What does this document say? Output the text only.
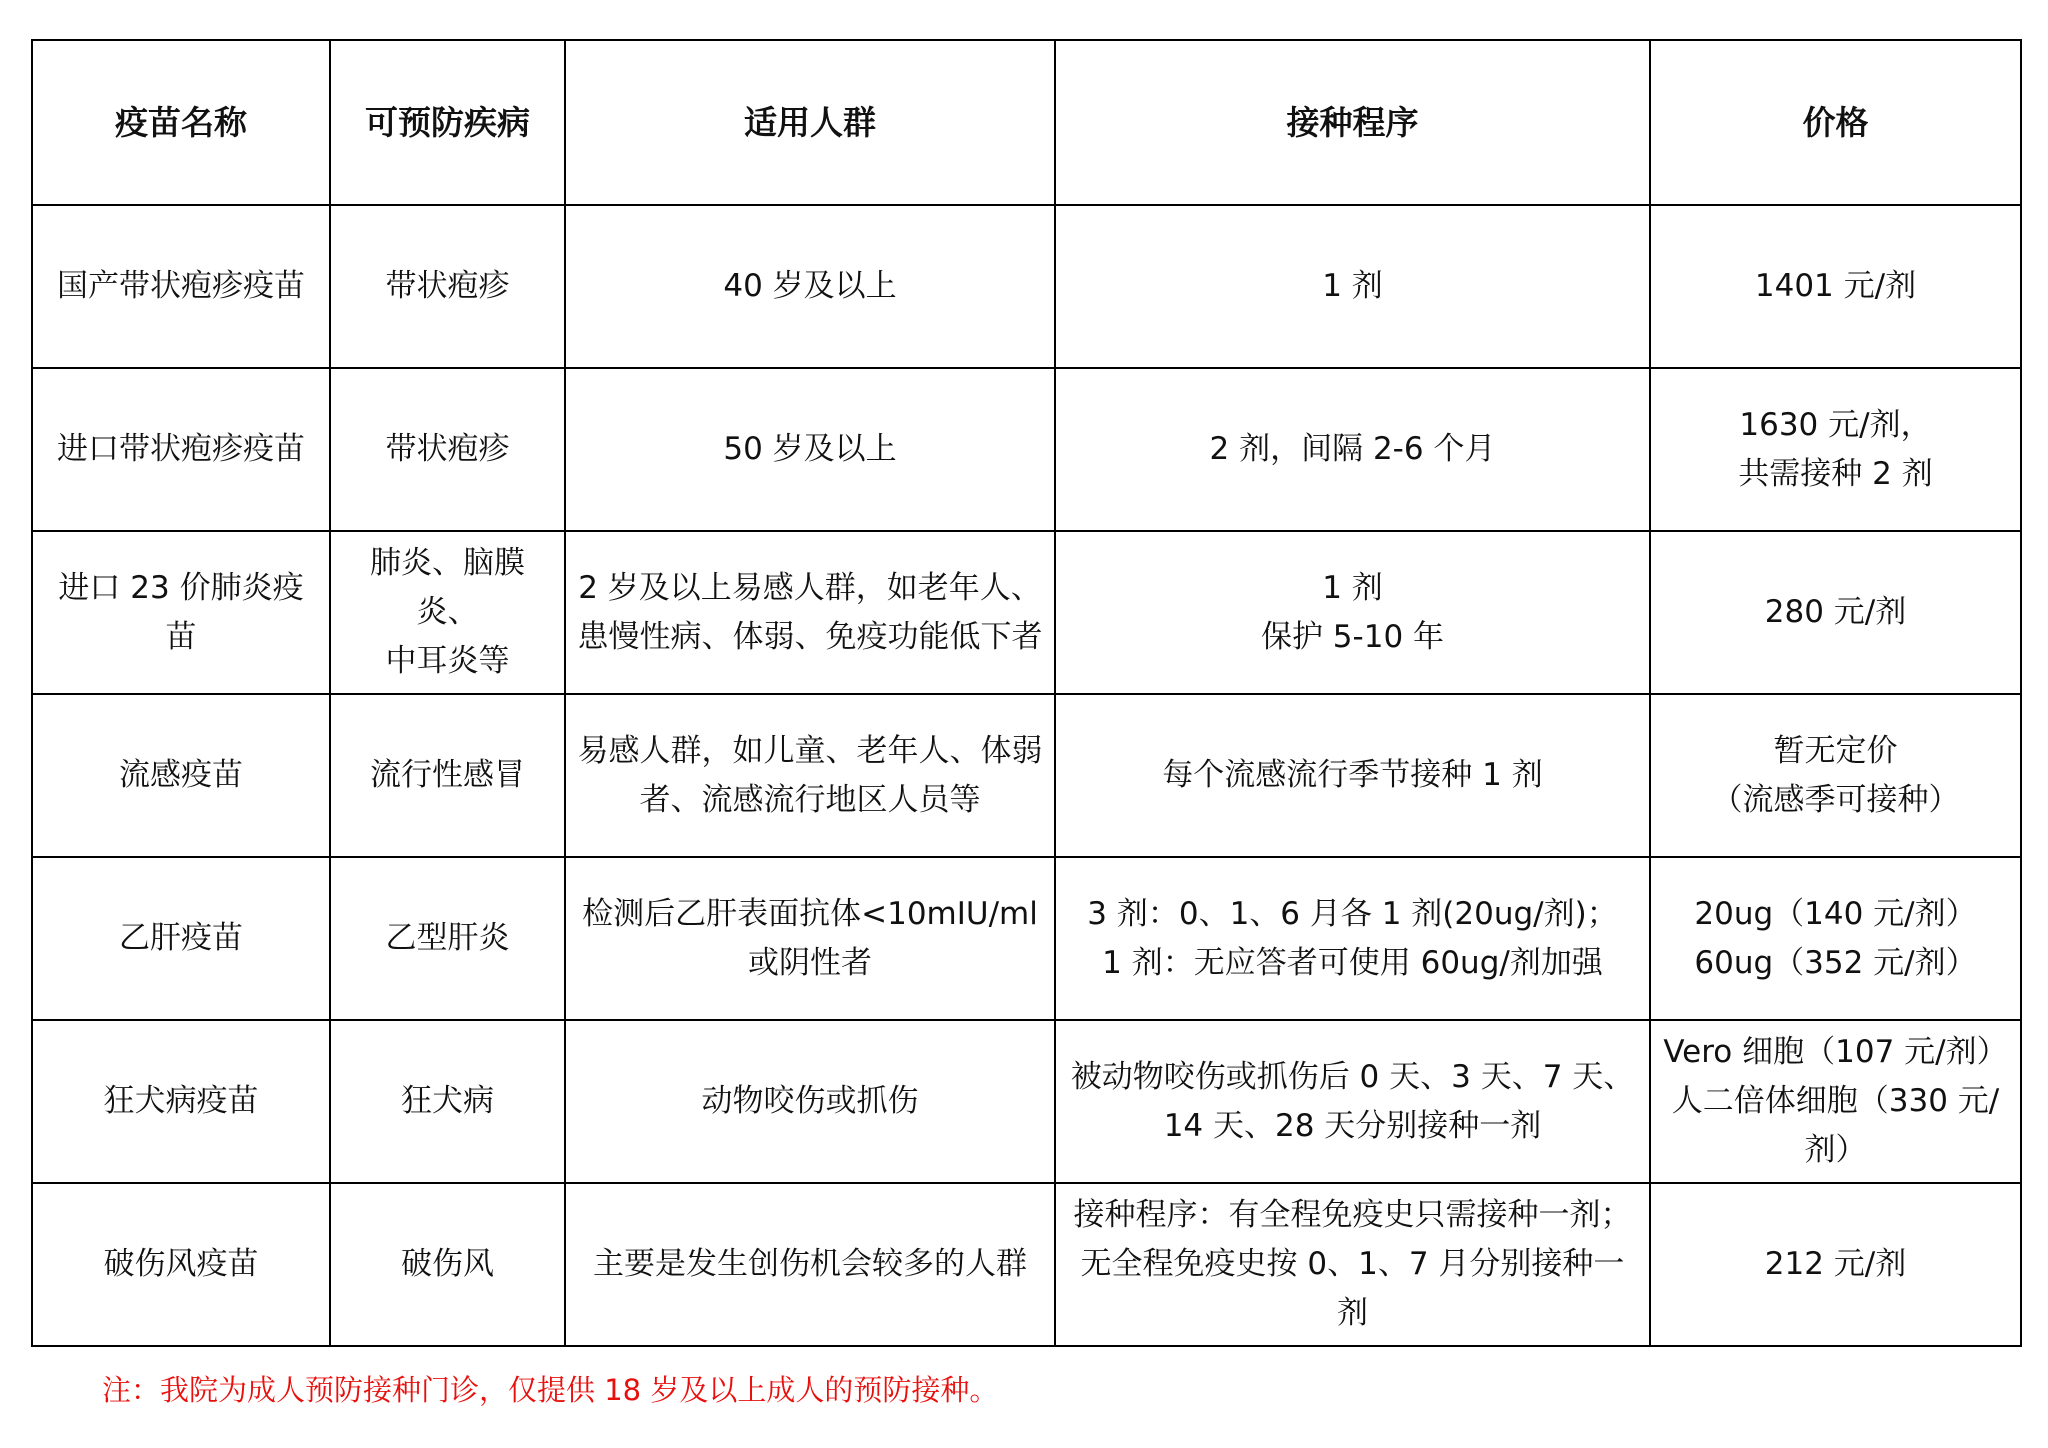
疫苗名称	可预防疾病	适用人群	接种程序	价格
国产带状疱疹疫苗	带状疱疹	40 岁及以上	1 剂	1401 元/剂

进口带状疱疹疫苗	带状疱疹	50 岁及以上	2 剂，间隔 2-6 个月	1630 元/剂，
共需接种 2 剂

进口 23 价肺炎疫苗	肺炎、脑膜炎、
中耳炎等	2 岁及以上易感人群，如老年人、
患慢性病、体弱、免疫功能低下者	1 剂
保护 5-10 年	280 元/剂

流感疫苗	流行性感冒	易感人群，如儿童、老年人、体弱
者、流感流行地区人员等	每个流感流行季节接种 1 剂	暂无定价
（流感季可接种）

乙肝疫苗	乙型肝炎	检测后乙肝表面抗体<10mIU/ml
或阴性者	3 剂：0、1、6 月各 1 剂(20ug/剂)；
1 剂：无应答者可使用 60ug/剂加强	20ug（140 元/剂）
60ug（352 元/剂）

狂犬病疫苗	狂犬病	动物咬伤或抓伤	被动物咬伤或抓伤后 0 天、3 天、7 天、
14 天、28 天分别接种一剂	Vero 细胞（107 元/剂）
人二倍体细胞（330 元/剂）

破伤风疫苗	破伤风	主要是发生创伤机会较多的人群	接种程序：有全程免疫史只需接种一剂；
无全程免疫史按 0、1、7 月分别接种一剂	212 元/剂
注：我院为成人预防接种门诊，仅提供 18 岁及以上成人的预防接种。
